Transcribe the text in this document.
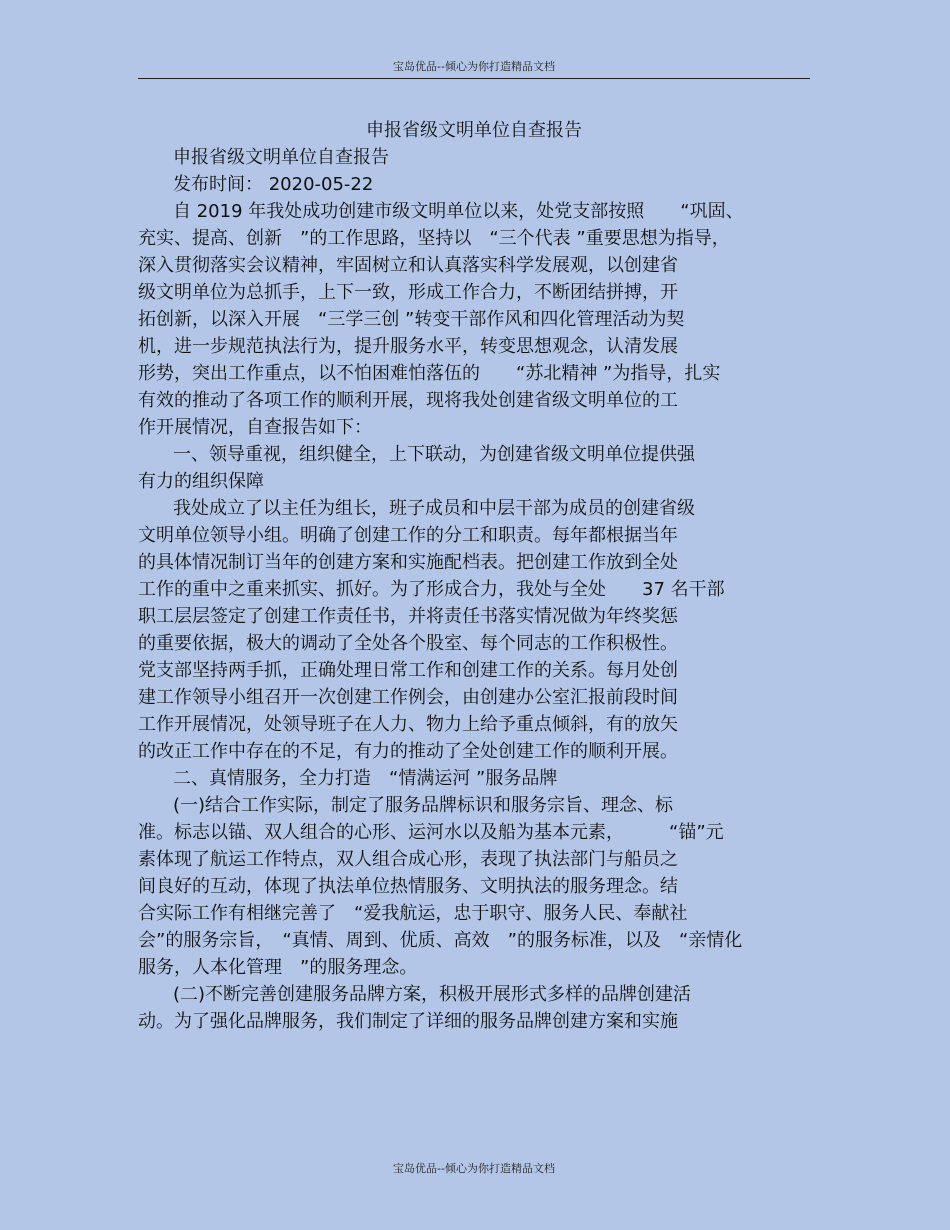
宝岛优品--倾心为你打造精品文档
申报省级文明单位自查报告
申报省级文明单位自查报告
发布时间： 2020-05-22
自 2019 年我处成功创建市级文明单位以来，处党支部按照　　“巩固、
充实、提高、创新　”的工作思路，坚持以　“三个代表 ”重要思想为指导，
深入贯彻落实会议精神，牢固树立和认真落实科学发展观，以创建省
级文明单位为总抓手，上下一致，形成工作合力，不断团结拼搏，开
拓创新，以深入开展　“三学三创 ”转变干部作风和四化管理活动为契
机，进一步规范执法行为，提升服务水平，转变思想观念，认清发展
形势，突出工作重点，以不怕困难怕落伍的　　“苏北精神 ”为指导，扎实
有效的推动了各项工作的顺利开展，现将我处创建省级文明单位的工
作开展情况，自查报告如下：
一、领导重视，组织健全，上下联动，为创建省级文明单位提供强
有力的组织保障
我处成立了以主任为组长，班子成员和中层干部为成员的创建省级
文明单位领导小组。明确了创建工作的分工和职责。每年都根据当年
的具体情况制订当年的创建方案和实施配档表。把创建工作放到全处
工作的重中之重来抓实、抓好。为了形成合力，我处与全处　　37 名干部
职工层层签定了创建工作责任书，并将责任书落实情况做为年终奖惩
的重要依据，极大的调动了全处各个股室、每个同志的工作积极性。
党支部坚持两手抓，正确处理日常工作和创建工作的关系。每月处创
建工作领导小组召开一次创建工作例会，由创建办公室汇报前段时间
工作开展情况，处领导班子在人力、物力上给予重点倾斜，有的放矢
的改正工作中存在的不足，有力的推动了全处创建工作的顺利开展。
二、真情服务，全力打造　“情满运河 ”服务品牌
(一)结合工作实际，制定了服务品牌标识和服务宗旨、理念、标
准。标志以锚、双人组合的心形、运河水以及船为基本元素，　　　“锚”元
素体现了航运工作特点，双人组合成心形，表现了执法部门与船员之
间良好的互动，体现了执法单位热情服务、文明执法的服务理念。结
合实际工作有相继完善了　“爱我航运，忠于职守、服务人民、奉献社
会”的服务宗旨，　“真情、周到、优质、高效　”的服务标准，以及　“亲情化
服务，人本化管理　”的服务理念。
(二)不断完善创建服务品牌方案，积极开展形式多样的品牌创建活
动。为了强化品牌服务，我们制定了详细的服务品牌创建方案和实施
宝岛优品--倾心为你打造精品文档
